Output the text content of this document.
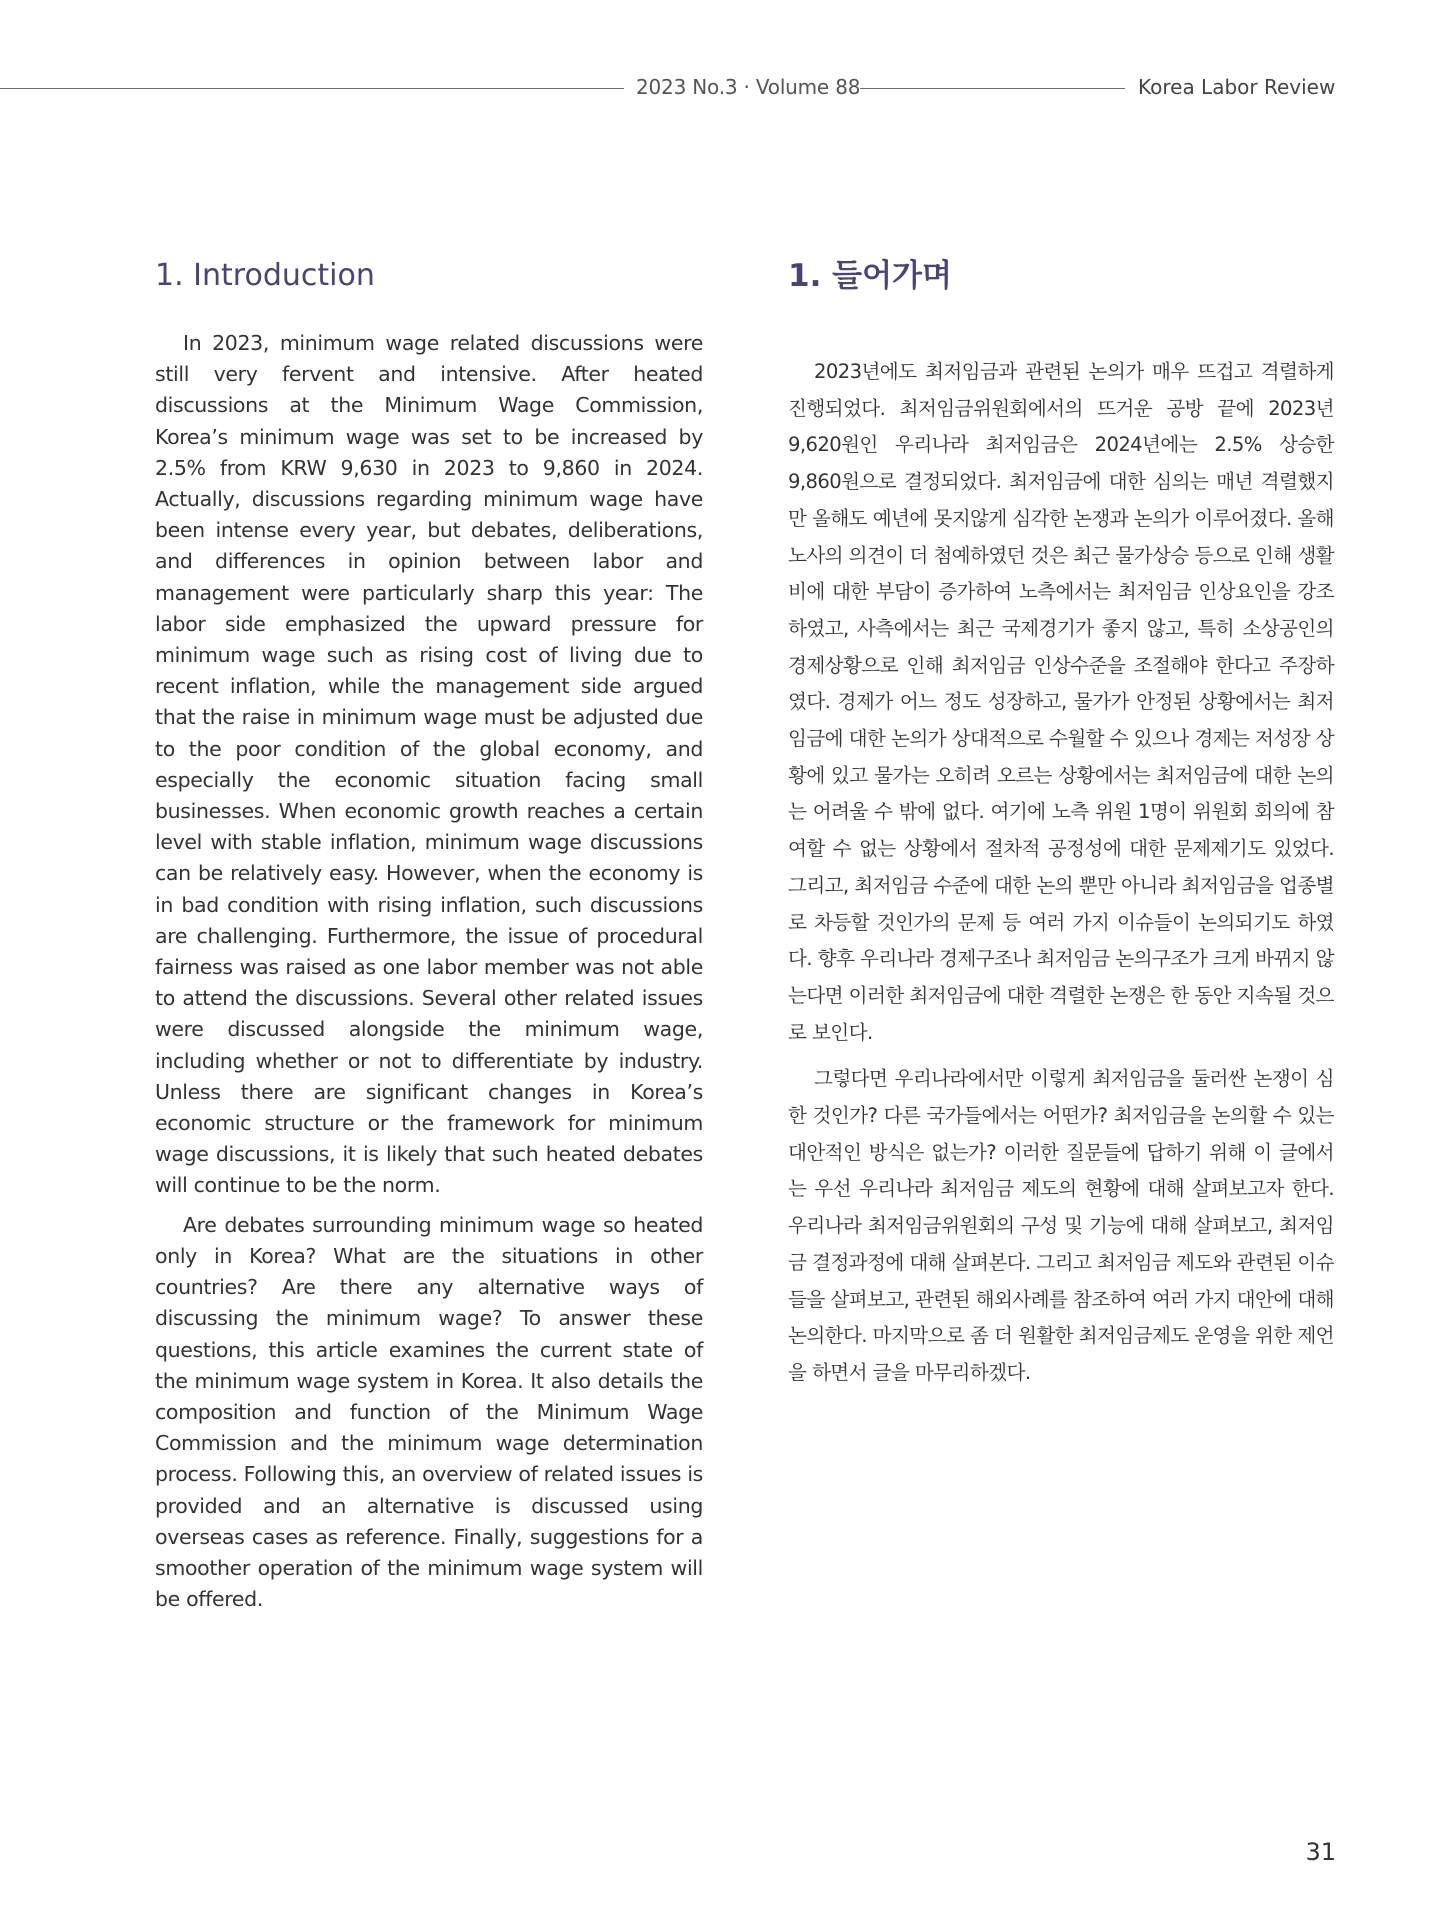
2023 No.3 · Volume 88	Korea Labor Review
1. Introduction

In 2023, minimum wage related discussions were still very fervent and intensive. After heated discussions at the Minimum Wage Commission, Korea’s minimum wage was set to be increased by 2.5% from KRW 9,630 in 2023 to 9,860 in 2024. Actually, discussions regarding minimum wage have been intense every year, but debates, deliberations, and differences in opinion between labor and management were particularly sharp this year: The labor side emphasized the upward pressure for minimum wage such as rising cost of living due to recent inflation, while the management side argued that the raise in minimum wage must be adjusted due to the poor condition of the global economy, and especially the economic situation facing small businesses. When economic growth reaches a certain level with stable inflation, minimum wage discussions can be relatively easy. However, when the economy is in bad condition with rising inflation, such discussions are challenging. Furthermore, the issue of procedural fairness was raised as one labor member was not able to attend the discussions. Several other related issues were discussed alongside the minimum wage, including whether or not to differentiate by industry. Unless there are significant changes in Korea’s economic structure or the framework for minimum wage discussions, it is likely that such heated debates will continue to be the norm.

Are debates surrounding minimum wage so heated only in Korea? What are the situations in other countries? Are there any alternative ways of discussing the minimum wage? To answer these questions, this article examines the current state of the minimum wage system in Korea. It also details the composition and function of the Minimum Wage Commission and the minimum wage determination process. Following this, an overview of related issues is provided and an alternative is discussed using overseas cases as reference. Finally, suggestions for a smoother operation of the minimum wage system will be offered.

1. 들어가며

2023년에도 최저임금과 관련된 논의가 매우 뜨겁고 격렬하게 진행되었다. 최저임금위원회에서의 뜨거운 공방 끝에 2023년 9,620원인 우리나라 최저임금은 2024년에는 2.5% 상승한 9,860원으로 결정되었다. 최저임금에 대한 심의는 매년 격렬했지만 올해도 예년에 못지않게 심각한 논쟁과 논의가 이루어졌다. 올해 노사의 의견이 더 첨예하였던 것은 최근 물가상승 등으로 인해 생활비에 대한 부담이 증가하여 노측에서는 최저임금 인상요인을 강조하였고, 사측에서는 최근 국제경기가 좋지 않고, 특히 소상공인의 경제상황으로 인해 최저임금 인상수준을 조절해야 한다고 주장하였다. 경제가 어느 정도 성장하고, 물가가 안정된 상황에서는 최저임금에 대한 논의가 상대적으로 수월할 수 있으나 경제는 저성장 상황에 있고 물가는 오히려 오르는 상황에서는 최저임금에 대한 논의는 어려울 수 밖에 없다. 여기에 노측 위원 1명이 위원회 회의에 참여할 수 없는 상황에서 절차적 공정성에 대한 문제제기도 있었다. 그리고, 최저임금 수준에 대한 논의 뿐만 아니라 최저임금을 업종별로 차등할 것인가의 문제 등 여러 가지 이슈들이 논의되기도 하였다. 향후 우리나라 경제구조나 최저임금 논의구조가 크게 바뀌지 않는다면 이러한 최저임금에 대한 격렬한 논쟁은 한 동안 지속될 것으로 보인다.

그렇다면 우리나라에서만 이렇게 최저임금을 둘러싼 논쟁이 심한 것인가? 다른 국가들에서는 어떤가? 최저임금을 논의할 수 있는 대안적인 방식은 없는가? 이러한 질문들에 답하기 위해 이 글에서는 우선 우리나라 최저임금 제도의 현황에 대해 살펴보고자 한다. 우리나라 최저임금위원회의 구성 및 기능에 대해 살펴보고, 최저임금 결정과정에 대해 살펴본다. 그리고 최저임금 제도와 관련된 이슈들을 살펴보고, 관련된 해외사례를 참조하여 여러 가지 대안에 대해 논의한다. 마지막으로 좀 더 원활한 최저임금제도 운영을 위한 제언을 하면서 글을 마무리하겠다.

31
